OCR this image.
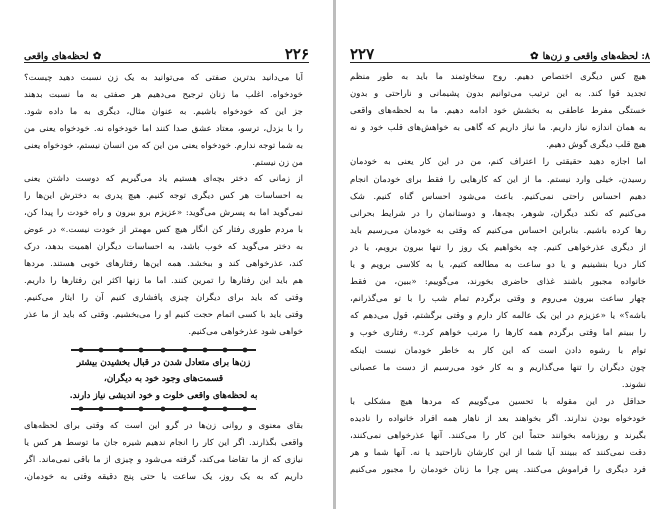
۲۲۶
✿
لحظه‌های واقعی

آیا می‌دانید بدترین صفتی که می‌توانید به یک زن نسبت دهید چیست؟
خودخواه. اغلب ما زنان ترجیح می‌دهیم هر صفتی به ما نسبت بدهند
جز این که خودخواه باشیم. به عنوان مثال، دیگری به ما داده شود.
را با بزدل، ترسو، معتاد عشق صدا کنند اما خودخواه نه. خودخواه یعنی من
به شما توجه ندارم. خودخواه یعنی من این که من انسان نیستم، خودخواه یعنی
من زن نیستم.

از زمانی که دختر بچه‌ای هستیم یاد می‌گیریم که دوست داشتن یعنی
به احساسات هر کس دیگری توجه کنیم. هیچ پدری به دخترش این‌ها را
نمی‌گوید اما به پسرش می‌گوید: «عزیزم برو بیرون و راه خودت را پیدا کن،
با مردم طوری رفتار کن انگار هیچ کس مهمتر از خودت نیست.» در عوض
به دختر می‌گوید که خوب باشد، به احساسات دیگران اهمیت بدهد، درک
کند، عذرخواهی کند و ببخشد. همه این‌ها رفتارهای خوبی هستند. مردها
هم باید این رفتارها را تمرین کنند. اما ما زنها اکثر این رفتارها را داریم.
وقتی که باید برای دیگران چیزی پافشاری کنیم آن را ایثار می‌کنیم.
وقتی باید با کسی اتمام حجت کنیم او را می‌بخشیم. وقتی که باید از ما عذر
خواهی شود عذرخواهی می‌کنیم.

زن‌ها برای متعادل شدن در قبال بخشیدن بیشتر
قسمت‌های وجود خود به دیگران،
به لحظه‌های واقعی خلوت و خود اندیشی نیاز دارند.

بقای معنوی و روانی زن‌ها در گرو این است که وقتی برای لحظه‌های
واقعی بگذارند. اگر این کار را انجام ندهیم شیره جان ما توسط هر کس یا
نیازی که از ما تقاضا می‌کند، گرفته می‌شود و چیزی از ما باقی نمی‌ماند. اگر
داریم که به یک روز، یک ساعت یا حتی پنج دقیقه وقتی به خودمان،

۸: لحظه‌های واقعی و زن‌ها
✿
۲۲۷

هیچ کس دیگری اختصاص دهیم. روح سخاوتمند ما باید به طور منظم
تجدید قوا کند. به این ترتیب می‌توانیم بدون پشیمانی و ناراحتی و بدون
خستگی مفرط عاطفی به بخشش خود ادامه دهیم. ما به لحظه‌های واقعی
به همان اندازه نیاز داریم. ما نیاز داریم که گاهی به خواهش‌های قلب خود و نه
هیچ قلب دیگری گوش دهیم.

اما اجازه دهید حقیقتی را اعتراف کنم، من در این کار یعنی به خودمان
رسیدن، خیلی وارد نیستم. ما از این که کارهایی را فقط برای خودمان انجام
دهیم احساس راحتی نمی‌کنیم. باعث می‌شود احساس گناه کنیم. شک
می‌کنیم که نکند دیگران، شوهر، بچه‌ها، و دوستانمان را در شرایط بحرانی
رها کرده باشیم. بنابراین احساس می‌کنیم که وقتی به خودمان می‌رسیم باید
از دیگری عذرخواهی کنیم. چه بخواهیم یک روز را تنها بیرون برویم، یا در
کنار دریا بنشینیم و یا دو ساعت به مطالعه کتیم، یا به کلاسی برویم و یا
خانواده مجبور باشند غذای حاضری بخورند، می‌گوییم: «ببین، من فقط
چهار ساعت بیرون می‌روم و وقتی برگردم تمام شب را با تو می‌گذرانم،
باشه؟» یا «عزیزم در این یک عالمه کار دارم و وقتی برگشتم، قول می‌دهم که
را ببینم اما وقتی برگردم همه کارها را مرتب خواهم کرد.» رفتاری خوب و
توام با رشوه دادن است که این کار به خاطر خودمان نیست اینکه
چون دیگران را تنها می‌گذاریم و به کار خود می‌رسیم از دست ما عصبانی
نشوند.

حداقل در این مقوله با تحسین می‌گوییم که مردها هیچ مشکلی با
خودخواه بودن ندارند. اگر بخواهند بعد از ناهار همه افراد خانواده را نادیده
بگیرند و روزنامه بخوانند حتماً این کار را می‌کنند. آنها عذرخواهی نمی‌کنند،
دقت نمی‌کنند که ببینند آیا شما از این کارشان ناراحتید یا نه. آنها شما و هر
فرد دیگری را فراموش می‌کنند. پس چرا ما زنان خودمان را مجبور می‌کنیم
